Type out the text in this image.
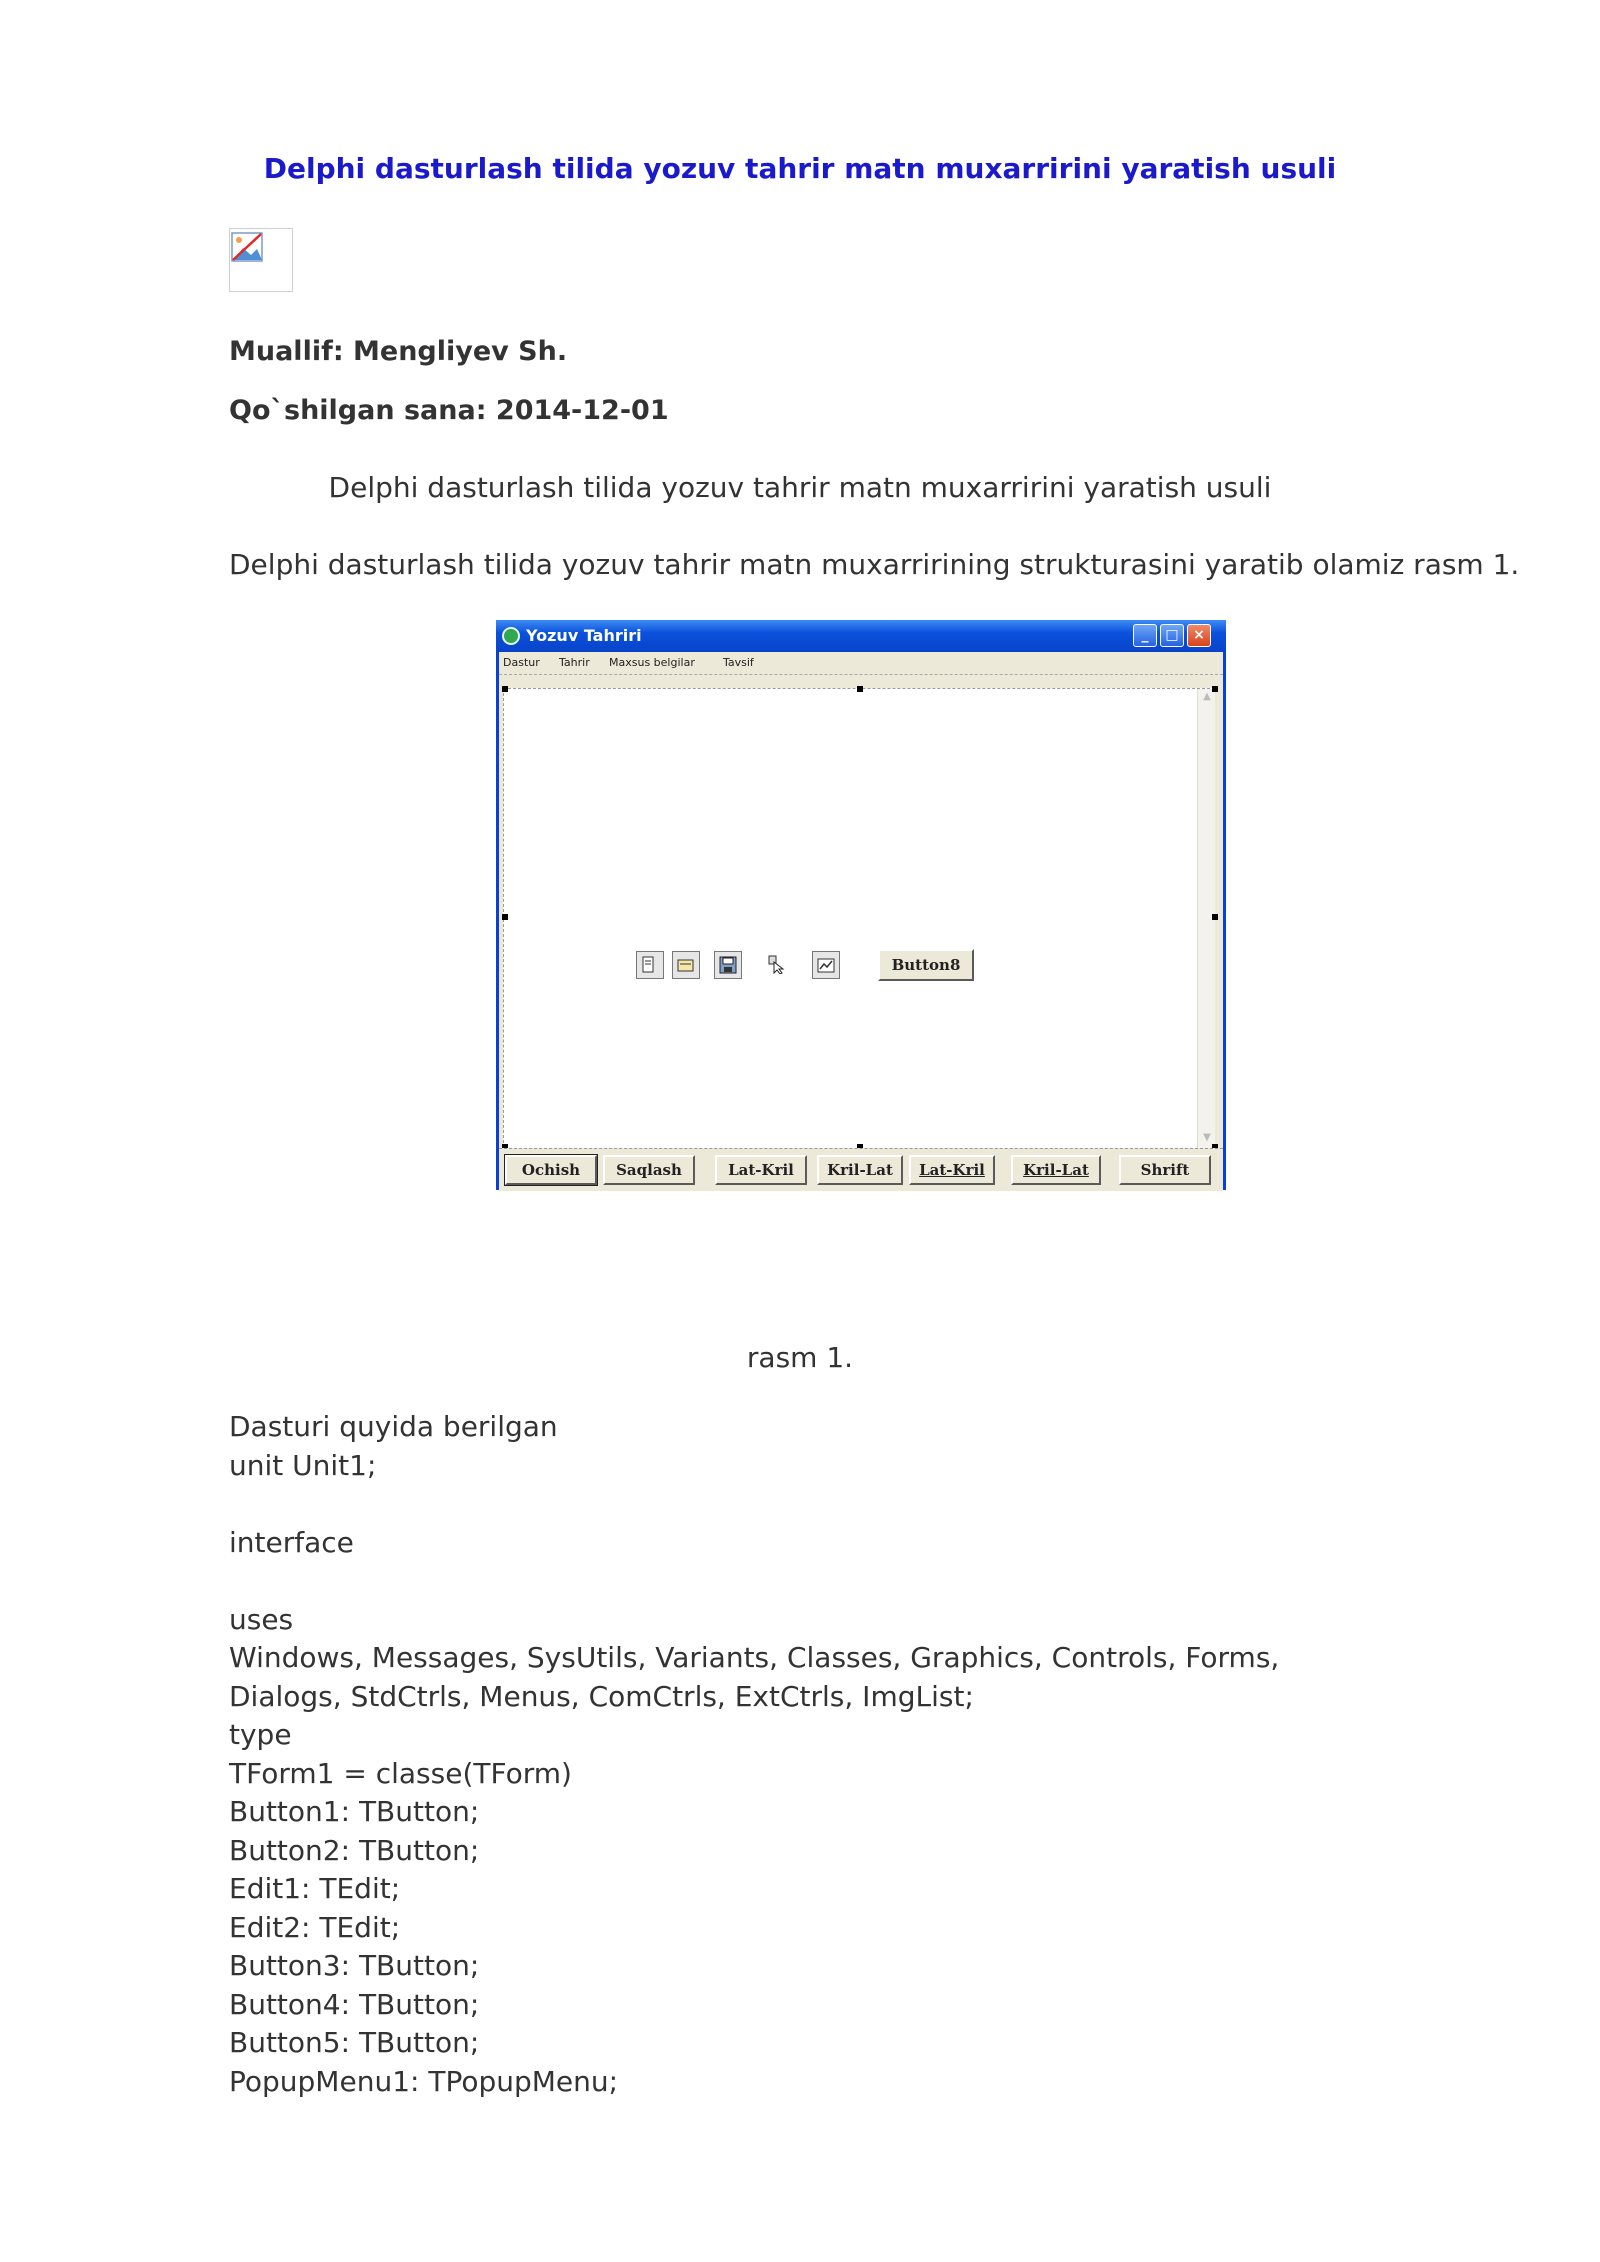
Delphi dasturlash tilida yozuv tahrir matn muxarririni yaratish usuli

Muallif: Mengliyev Sh.

Qo`shilgan sana: 2014-12-01

Delphi dasturlash tilida yozuv tahrir matn muxarririni yaratish usuli

Delphi dasturlash tilida yozuv tahrir matn muxarririning strukturasini yaratib olamiz rasm 1.

Yozuv Tahriri	_	□	×
Dastur Tahrir Maxsus belgilar	Tavsif
▲
▼
Button8
Ochish	Saqlash	Lat-Kril	Kril-Lat	Lat-Kril	Kril-Lat	Shrift

rasm 1.

Dasturi quyida berilgan
unit Unit1;
interface
uses
Windows, Messages, SysUtils, Variants, Classes, Graphics, Controls, Forms,
Dialogs, StdCtrls, Menus, ComCtrls, ExtCtrls, ImgList;
type
TForm1 = classe(TForm)
Button1: TButton;
Button2: TButton;
Edit1: TEdit;
Edit2: TEdit;
Button3: TButton;
Button4: TButton;
Button5: TButton;
PopupMenu1: TPopupMenu;
